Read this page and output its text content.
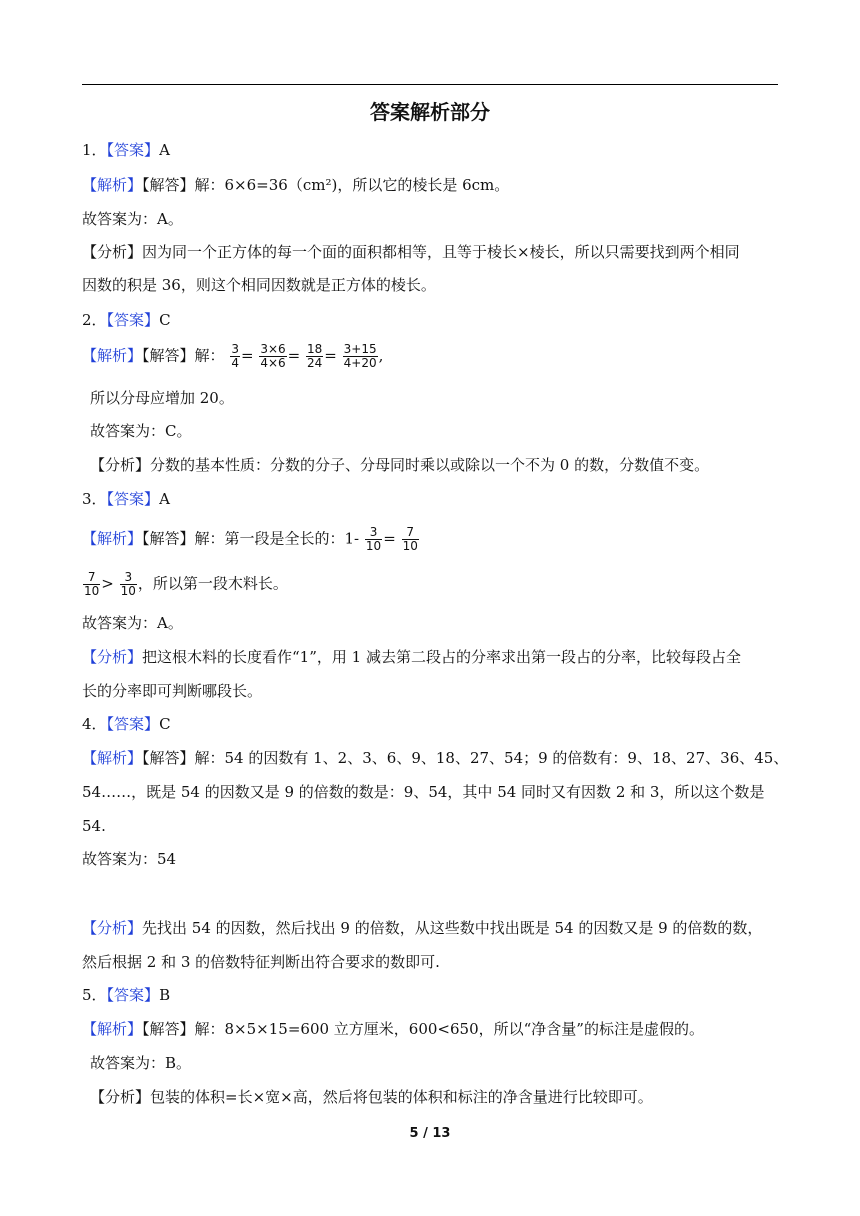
答案解析部分
1．【答案】A
【解析】【解答】解：6×6=36（cm²)，所以它的棱长是 6cm。
故答案为：A。
【分析】因为同一个正方体的每一个面的面积都相等，且等于棱长×棱长，所以只需要找到两个相同
因数的积是 36，则这个相同因数就是正方体的棱长。
2．【答案】C
【解析】【解答】解： $\frac{3}{4} = \frac{3\times 6}{4\times 6} = \frac{18}{24} = \frac{3+15}{4+20}$ ,
所以分母应增加 20。
故答案为：C。
【分析】分数的基本性质：分数的分子、分母同时乘以或除以一个不为 0 的数，分数值不变。
3．【答案】A
【解析】【解答】解：第一段是全长的：$1- \frac{3}{10} = \frac{7}{10}$
$\frac{7}{10} > \frac{3}{10}$ ，所以第一段木料长。
故答案为：A。
【分析】把这根木料的长度看作“1”，用 1 减去第二段占的分率求出第一段占的分率，比较每段占全
长的分率即可判断哪段长。
4．【答案】C
【解析】【解答】解：54 的因数有 1、2、3、6、9、18、27、54；9 的倍数有：9、18、27、36、45、
54……，既是 54 的因数又是 9 的倍数的数是：9、54，其中 54 同时又有因数 2 和 3，所以这个数是
54.
故答案为：54
【分析】先找出 54 的因数，然后找出 9 的倍数，从这些数中找出既是 54 的因数又是 9 的倍数的数，
然后根据 2 和 3 的倍数特征判断出符合要求的数即可.
5．【答案】B
【解析】【解答】解：8×5×15=600 立方厘米，600<650，所以“净含量”的标注是虚假的。
故答案为：B。
【分析】包装的体积=长×宽×高，然后将包装的体积和标注的净含量进行比较即可。
5 / 13
